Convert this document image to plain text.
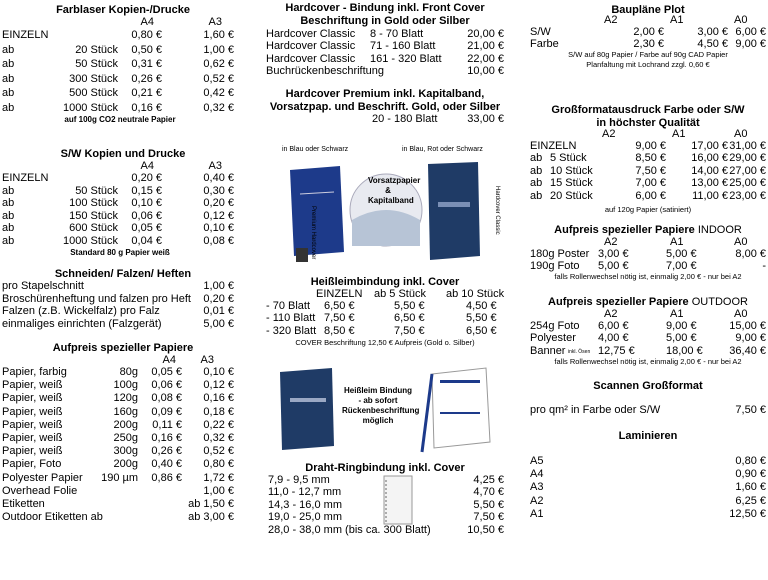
Farblaser Kopien-/Drucke
A4	A3
EINZELN	0,80 €	1,60 €
ab	20 Stück 0,50 €	1,00 €
ab	50 Stück 0,31 €	0,62 €
ab	300 Stück 0,26 €	0,52 €
ab	500 Stück 0,21 €	0,42 €
ab	1000 Stück 0,16 €	0,32 €
auf 100g CO2 neutrale Papier
S/W Kopien und Drucke
A4	A3
EINZELN	0,20 €	0,40 €
ab	50 Stück 0,15 €	0,30 €
ab	100 Stück 0,10 €	0,20 €
ab	150 Stück 0,06 €	0,12 €
ab	600 Stück 0,05 €	0,10 €
ab	1000 Stück 0,04 €	0,08 €
Standard 80 g Papier weiß
Schneiden/ Falzen/ Heften
pro Stapelschnitt	1,00 €
Broschürenheftung und falzen pro Heft 0,20 €
Falzen (z.B. Wickelfalz) pro Falz	0,01 €
einmaliges einrichten (Falzgerät)	5,00 €
Aufpreis spezieller Papiere
A4 A3
Papier, farbig	80g 0,05 € 0,10 €
Papier, weiß	100g 0,06 € 0,12 €
Papier, weiß	120g 0,08 € 0,16 €
Papier, weiß	160g 0,09 € 0,18 €
Papier, weiß	200g 0,11 € 0,22 €
Papier, weiß	250g 0,16 € 0,32 €
Papier, weiß	300g 0,26 € 0,52 €
Papier, Foto	200g 0,40 € 0,80 €
Polyester Papier 190 µm 0,86 € 1,72 €
Overhead Folie	1,00 €
Etiketten	ab 1,50 €
Outdoor Etiketten ab	ab 3,00 €
Hardcover - Bindung inkl. Front Cover
Beschriftung in Gold oder Silber
Hardcover Classic 8 - 70 Blatt	20,00 €
Hardcover Classic 71 - 160 Blatt	21,00 €
Hardcover Classic 161 - 320 Blatt 22,00 €
Buchrückenbeschriftung	10,00 €
Hardcover Premium inkl. Kapitalband,
Vorsatzpap. und Beschrift. Gold, oder Silber
20 - 180 Blatt	33,00 €
in Blau oder Schwarz	in Blau, Rot oder Schwarz
Vorsatzpapier & Kapitalband
Premium Hardcover	Hardcover Classic
Heißleimbindung inkl. Cover
EINZELN ab 5 Stück ab 10 Stück
- 70 Blatt 6,50 €	5,50 €	4,50 €
- 110 Blatt 7,50 €	6,50 €	5,50 €
- 320 Blatt 8,50 €	7,50 €	6,50 €
COVER Beschriftung 12,50 € Aufpreis (Gold o. Silber)
Heißleim Bindung - ab sofort Rückenbeschriftung möglich
Draht-Ringbindung inkl. Cover
7,9 - 9,5 mm	4,25 €
11,0 - 12,7 mm	4,70 €
14,3 - 16,0 mm	5,50 €
19,0 - 25,0 mm	7,50 €
28,0 - 38,0 mm (bis ca. 300 Blatt)	10,50 €
Baupläne Plot
A2	A1	A0
S/W	2,00 €	3,00 € 6,00 €
Farbe	2,30 €	4,50 € 9,00 €
S/W auf 80g Papier / Farbe auf 90g CAD Papier
Planfaltung mit Lochrand zzgl. 0,60 €
Großformatausdruck Farbe oder S/W
in höchster Qualität
A2	A1	A0
EINZELN	9,00 € 17,00 € 31,00 €
ab 5 Stück	8,50 € 16,00 € 29,00 €
ab 10 Stück	7,50 € 14,00 € 27,00 €
ab 15 Stück	7,00 € 13,00 € 25,00 €
ab 20 Stück	6,00 € 11,00 € 23,00 €
auf 120g Papier (satiniert)
Aufpreis spezieller Papiere INDOOR
A2	A1	A0
180g Poster 3,00 €	5,00 €	8,00 €
190g Foto 5,00 €	7,00 €	-
falls Rollenwechsel nötig ist, einmalig 2,00 € - nur bei A2
Aufpreis spezieller Papiere OUTDOOR
A2	A1	A0
254g Foto 6,00 €	9,00 €	15,00 €
Polyester 4,00 €	5,00 €	9,00 €
Banner	12,75 €	18,00 € 36,40 €
inkl. Ösen
falls Rollenwechsel nötig ist, einmalig 2,00 € - nur bei A2
Scannen Großformat
pro qm² in Farbe oder S/W	7,50 €
Laminieren
A5	0,80 €
A4	0,90 €
A3	1,60 €
A2	6,25 €
A1	12,50 €
